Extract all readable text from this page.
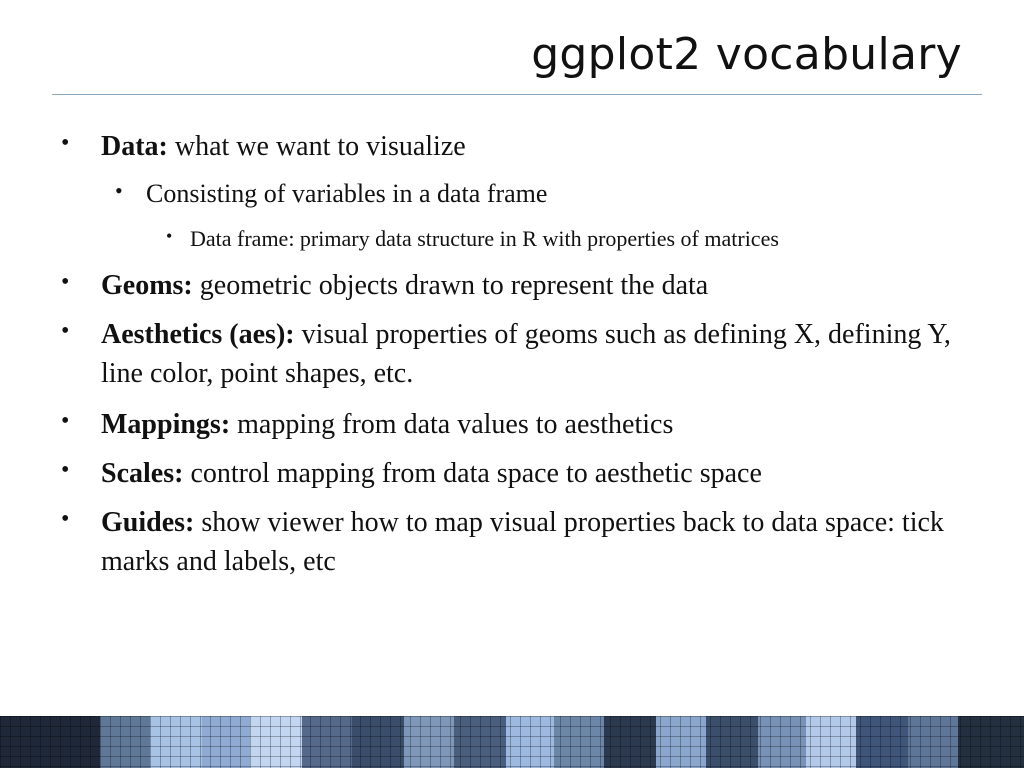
ggplot2 vocabulary
• Data: what we want to visualize
• Consisting of variables in a data frame
• Data frame: primary data structure in R with properties of matrices
• Geoms: geometric objects drawn to represent the data
• Aesthetics (aes): visual properties of geoms such as defining X, defining Y, line color, point shapes, etc.
• Mappings: mapping from data values to aesthetics
• Scales: control mapping from data space to aesthetic space
• Guides: show viewer how to map visual properties back to data space: tick marks and labels, etc
